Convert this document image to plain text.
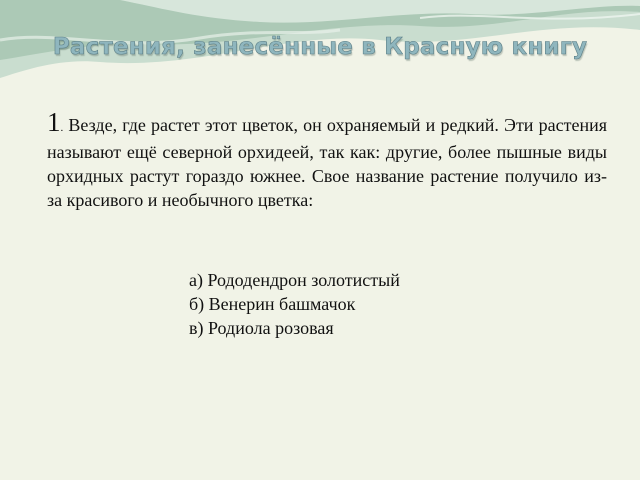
Растения, занесённые в Красную книгу

1. Везде, где растет этот цветок, он охраняемый и редкий. Эти растения называют ещё северной орхидеей, так как: другие, более пышные виды орхидных растут гораздо южнее. Свое название растение получило из-за красивого и необычного цветка:

а) Рододендрон золотистый
б) Венерин башмачок
в) Родиола розовая
